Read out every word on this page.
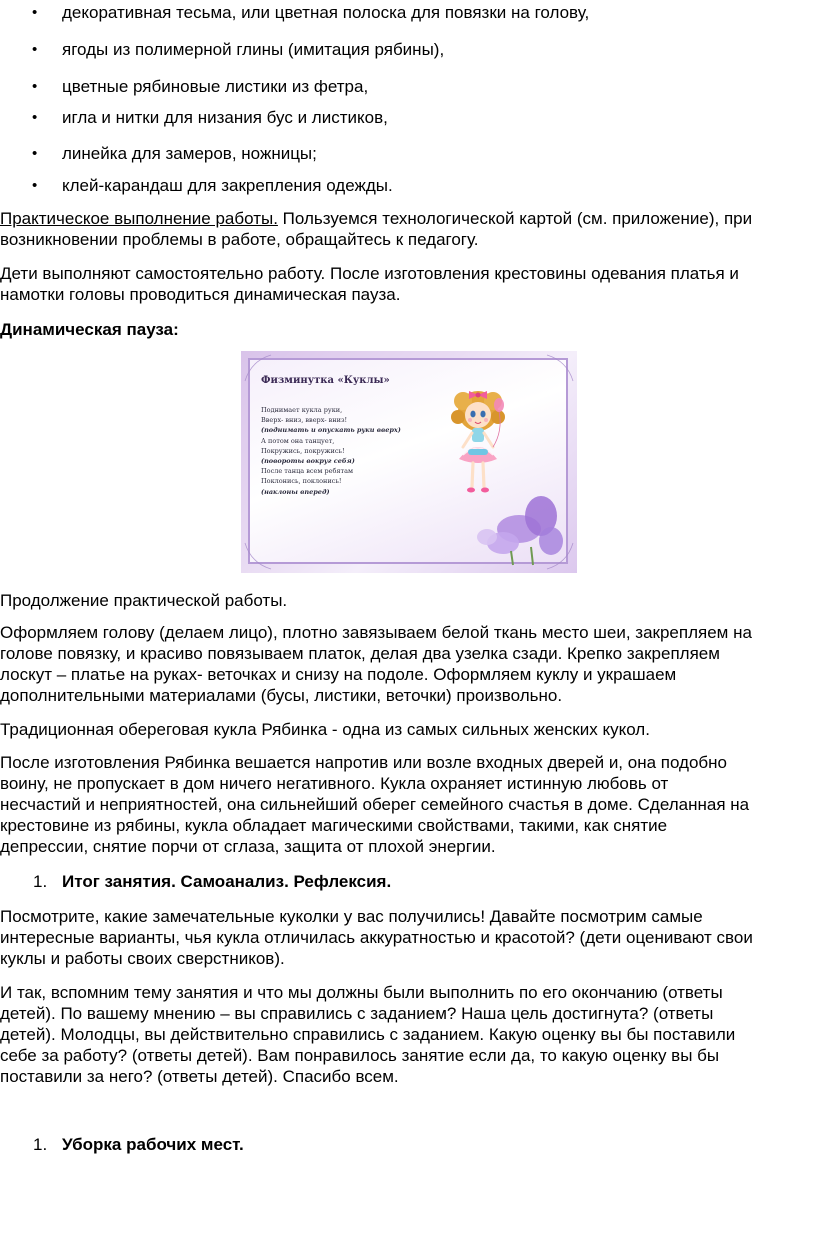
• декоративная тесьма, или цветная полоска для повязки на голову,
• ягоды из полимерной глины (имитация рябины),
• цветные рябиновые листики из фетра,
• игла и нитки для низания бус и листиков,
• линейка для замеров, ножницы;
• клей-карандаш для закрепления одежды.

Практическое выполнение работы. Пользуемся технологической картой (см. приложение), при
возникновении проблемы в работе, обращайтесь к педагогу.

Дети выполняют самостоятельно работу. После изготовления крестовины одевания платья и
намотки головы проводиться динамическая пауза.

Динамическая пауза:

Физминутка «Куклы»
Поднимает кукла руки,
Вверх- вниз, вверх- вниз!
(поднимать и опускать руки вверх)
А потом она танцует,
Покружись, покружись!
(повороты вокруг себя)
После танца всем ребятам
Поклонись, поклонись!
(наклоны вперед)

Продолжение практической работы.

Оформляем голову (делаем лицо), плотно завязываем белой ткань место шеи, закрепляем на
голове повязку, и красиво повязываем платок, делая два узелка сзади. Крепко закрепляем
лоскут – платье на руках- веточках и снизу на подоле. Оформляем куклу и украшаем
дополнительными материалами (бусы, листики, веточки) произвольно.

Традиционная обереговая кукла Рябинка - одна из самых сильных женских кукол.

После изготовления Рябинка вешается напротив или возле входных дверей и, она подобно
воину, не пропускает в дом ничего негативного. Кукла охраняет истинную любовь от
несчастий и неприятностей, она сильнейший оберег семейного счастья в доме. Сделанная на
крестовине из рябины, кукла обладает магическими свойствами, такими, как снятие
депрессии, снятие порчи от сглаза, защита от плохой энергии.

1. Итог занятия. Самоанализ. Рефлексия.

Посмотрите, какие замечательные куколки у вас получились! Давайте посмотрим самые
интересные варианты, чья кукла отличилась аккуратностью и красотой? (дети оценивают свои
куклы и работы своих сверстников).

И так, вспомним тему занятия и что мы должны были выполнить по его окончанию (ответы
детей). По вашему мнению – вы справились с заданием? Наша цель достигнута? (ответы
детей). Молодцы, вы действительно справились с заданием. Какую оценку вы бы поставили
себе за работу? (ответы детей). Вам понравилось занятие если да, то какую оценку вы бы
поставили за него? (ответы детей). Спасибо всем.

1. Уборка рабочих мест.
